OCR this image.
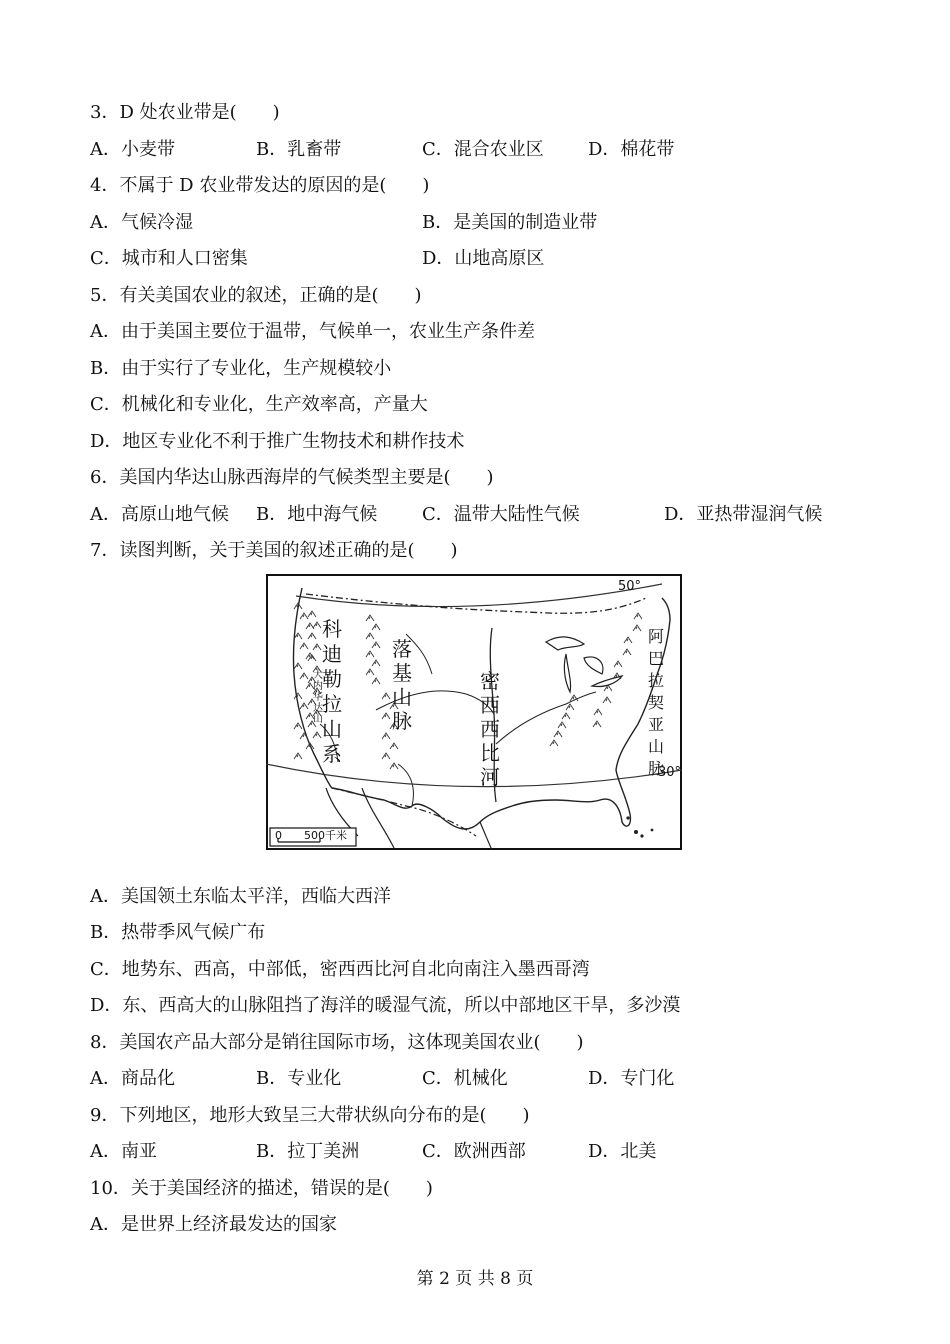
3．D 处农业带是(　　)
A．小麦带	B．乳畜带	C．混合农业区 D．棉花带
4．不属于 D 农业带发达的原因的是(　　)
A．气候冷湿	B．是美国的制造业带
C．城市和人口密集	D．山地高原区
5．有关美国农业的叙述，正确的是(　　)
A．由于美国主要位于温带，气候单一，农业生产条件差
B．由于实行了专业化，生产规模较小
C．机械化和专业化，生产效率高，产量大
D．地区专业化不利于推广生物技术和耕作技术
6．美国内华达山脉西海岸的气候类型主要是(　　)
A．高原山地气候 B．地中海气候 C．温带大陆性气候	D．亚热带湿润气候
7．读图判断，关于美国的叙述正确的是(　　)
50°
30°
科
迪
勒
拉
山
系
大
内
华
达
山
落
基
山
脉
密
西
西
比
河
阿
巴
拉
契
亚
山
脉
0 500千米
A．美国领土东临太平洋，西临大西洋
B．热带季风气候广布
C．地势东、西高，中部低，密西西比河自北向南注入墨西哥湾
D．东、西高大的山脉阻挡了海洋的暖湿气流，所以中部地区干旱，多沙漠
8．美国农产品大部分是销往国际市场，这体现美国农业(　　)
A．商品化	B．专业化	C．机械化	D．专门化
9．下列地区，地形大致呈三大带状纵向分布的是(　　)
A．南亚	B．拉丁美洲	C．欧洲西部	D．北美
10．关于美国经济的描述，错误的是(　　)
A．是世界上经济最发达的国家
第 2 页 共 8 页
